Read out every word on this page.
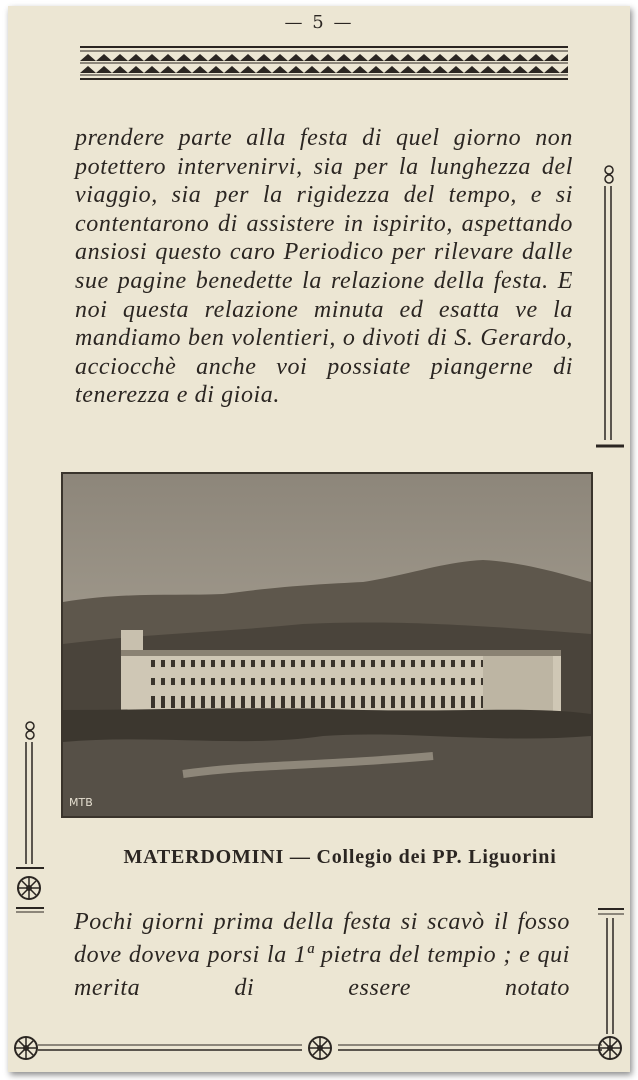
— 5 —

prendere parte alla festa di quel giorno non potettero intervenirvi, sia per la lunghezza del viaggio, sia per la rigidezza del tempo, e si contentarono di assistere in ispirito, aspettando ansiosi questo caro Periodico per rilevare dalle sue pagine benedette la relazione della festa. E noi questa relazione minuta ed esatta ve la mandiamo ben volentieri, o divoti di S. Gerardo, acciocchè anche voi possiate piangerne di tenerezza e di gioia.

MTB
MATERDOMINI — Collegio dei PP. Liguorini

Pochi giorni prima della festa si scavò il fosso dove doveva porsi la 1ª pietra del tempio ; e qui merita di essere notato
